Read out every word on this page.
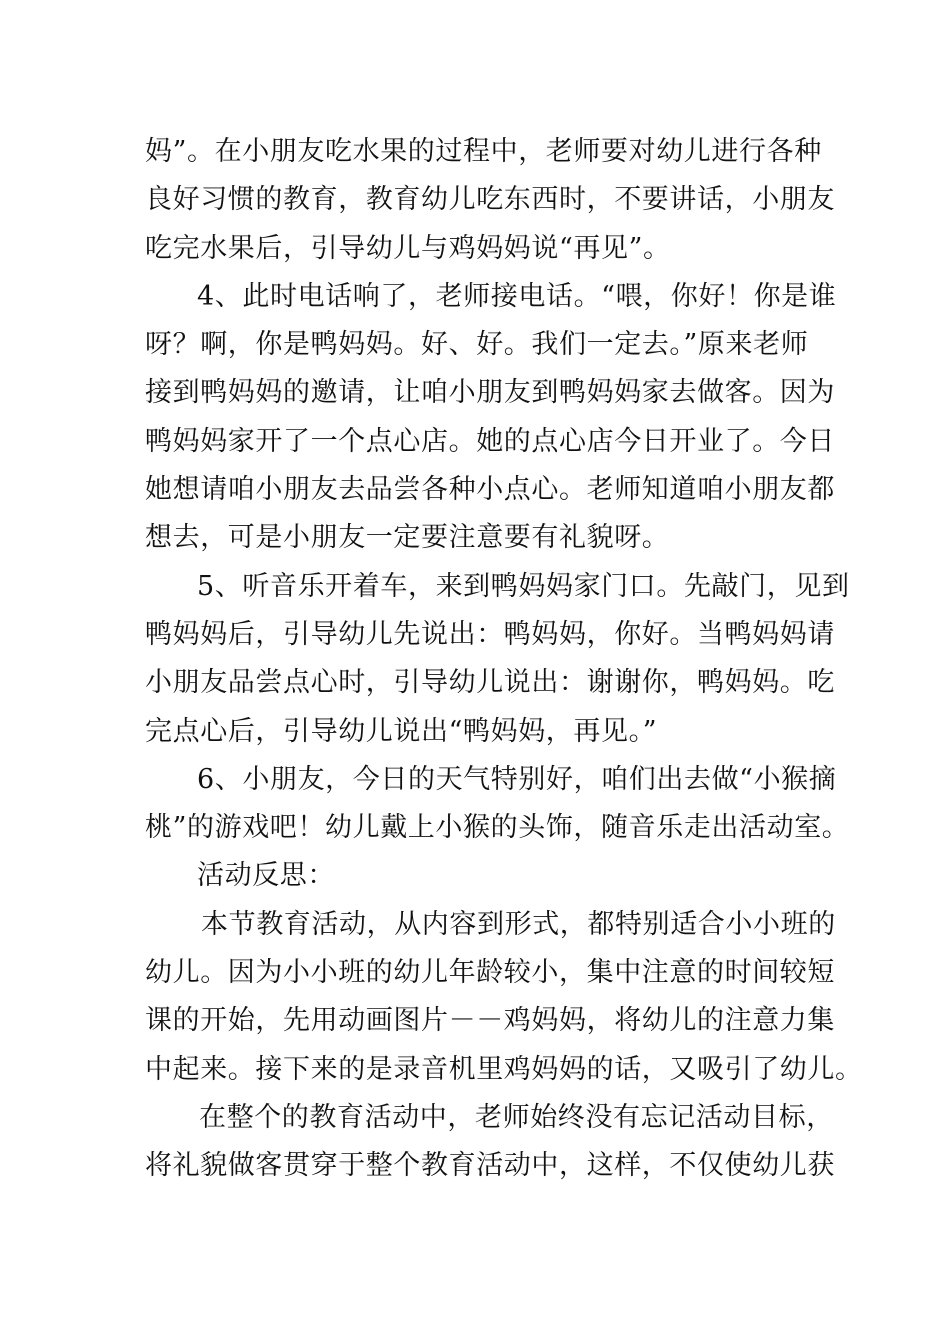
妈”。在小朋友吃水果的过程中，老师要对幼儿进行各种
良好习惯的教育，教育幼儿吃东西时，不要讲话，小朋友
吃完水果后，引导幼儿与鸡妈妈说“再见”。
4、此时电话响了，老师接电话。“喂，你好！你是谁
呀？啊，你是鸭妈妈。好、好。我们一定去。”原来老师
接到鸭妈妈的邀请，让咱小朋友到鸭妈妈家去做客。因为
鸭妈妈家开了一个点心店。她的点心店今日开业了。今日
她想请咱小朋友去品尝各种小点心。老师知道咱小朋友都
想去，可是小朋友一定要注意要有礼貌呀。
5、听音乐开着车，来到鸭妈妈家门口。先敲门，见到
鸭妈妈后，引导幼儿先说出：鸭妈妈，你好。当鸭妈妈请
小朋友品尝点心时，引导幼儿说出：谢谢你，鸭妈妈。吃
完点心后，引导幼儿说出“鸭妈妈，再见。”
6、小朋友，今日的天气特别好，咱们出去做“小猴摘
桃”的游戏吧！幼儿戴上小猴的头饰，随音乐走出活动室。
活动反思：
本节教育活动，从内容到形式，都特别适合小小班的
幼儿。因为小小班的幼儿年龄较小，集中注意的时间较短
课的开始，先用动画图片－－鸡妈妈，将幼儿的注意力集
中起来。接下来的是录音机里鸡妈妈的话，又吸引了幼儿。
在整个的教育活动中，老师始终没有忘记活动目标，
将礼貌做客贯穿于整个教育活动中，这样，不仅使幼儿获
